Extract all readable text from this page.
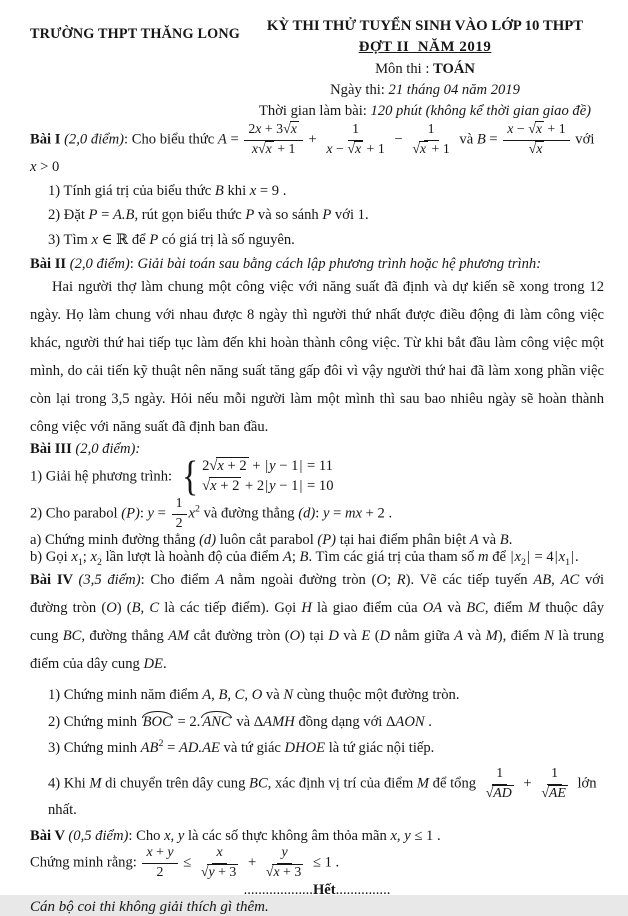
TRƯỜNG THPT THĂNG LONG	KỲ THI THỬ TUYỂN SINH VÀO LỚP 10 THPT
ĐỢT II  NĂM 2019
Môn thi : TOÁN
Ngày thi: 21 tháng 04 năm 2019
Thời gian làm bài: 120 phút (không kể thời gian giao đề)

Bài I (2,0 điểm): Cho biểu thức $A = \frac{2x + 3√x}{x√x + 1} + \frac{1}{x - √x + 1} - \frac{1}{√x + 1}$ và $B = \frac{x - √x + 1}{√x}$ với x > 0

1) Tính giá trị của biểu thức B khi x = 9 .

2) Đặt P = A.B, rút gọn biểu thức P và so sánh P với 1.

3) Tìm x ∈ ℝ để P có giá trị là số nguyên.

Bài II (2,0 điểm): Giải bài toán sau bằng cách lập phương trình hoặc hệ phương trình:

Hai người thợ làm chung một công việc với năng suất đã định và dự kiến sẽ xong trong 12 ngày. Họ làm chung với nhau được 8 ngày thì người thứ nhất được điều động đi làm công việc khác, người thứ hai tiếp tục làm đến khi hoàn thành công việc. Từ khi bắt đầu làm công việc một mình, do cải tiến kỹ thuật nên năng suất tăng gấp đôi vì vậy người thứ hai đã làm xong phần việc còn lại trong 3,5 ngày. Hỏi nếu mỗi người làm một mình thì sau bao nhiêu ngày sẽ hoàn thành công việc với năng suất đã định ban đầu.

Bài III (2,0 điểm):

1) Giải hệ phương trình: { 2√x + 2 + |y − 1| = 11
√x + 2 + 2|y − 1| = 10

2) Cho parabol (P): $y = \frac{1}{2} x^2$ và đường thẳng (d): y = mx + 2 .

a) Chứng minh đường thẳng (d) luôn cắt parabol (P) tại hai điểm phân biệt A và B.

b) Gọi $x_1$; $x_2$ lần lượt là hoành độ của điểm A; B. Tìm các giá trị của tham số m để $|x_2| = 4|x_1|$.

Bài IV (3,5 điểm): Cho điểm A nằm ngoài đường tròn (O; R). Vẽ các tiếp tuyến AB, AC với đường tròn (O) (B, C là các tiếp điểm). Gọi H là giao điểm của OA và BC, điểm M thuộc dây cung BC, đường thẳng AM cắt đường tròn (O) tại D và E (D nằm giữa A và M), điểm N là trung điểm của dây cung DE.

1) Chứng minh năm điểm A, B, C, O và N cùng thuộc một đường tròn.

2) Chứng minh BOC = 2. ANC và ΔAMH đồng dạng với ΔAON .

3) Chứng minh $AB^2 = AD.AE$ và tứ giác DHOE là tứ giác nội tiếp.

4) Khi M di chuyển trên dây cung BC, xác định vị trí của điểm M để tổng $\frac{1}{√AD} + \frac{1}{√AE}$ lớn nhất.

Bài V (0,5 điểm): Cho x, y là các số thực không âm thỏa mãn x, y ≤ 1 .

Chứng minh rằng: $\frac{x + y}{2} \le \frac{x}{√y + 3} + \frac{y}{√x + 3} \le 1$ .

...................Hết...............

Cán bộ coi thi không giải thích gì thêm.
